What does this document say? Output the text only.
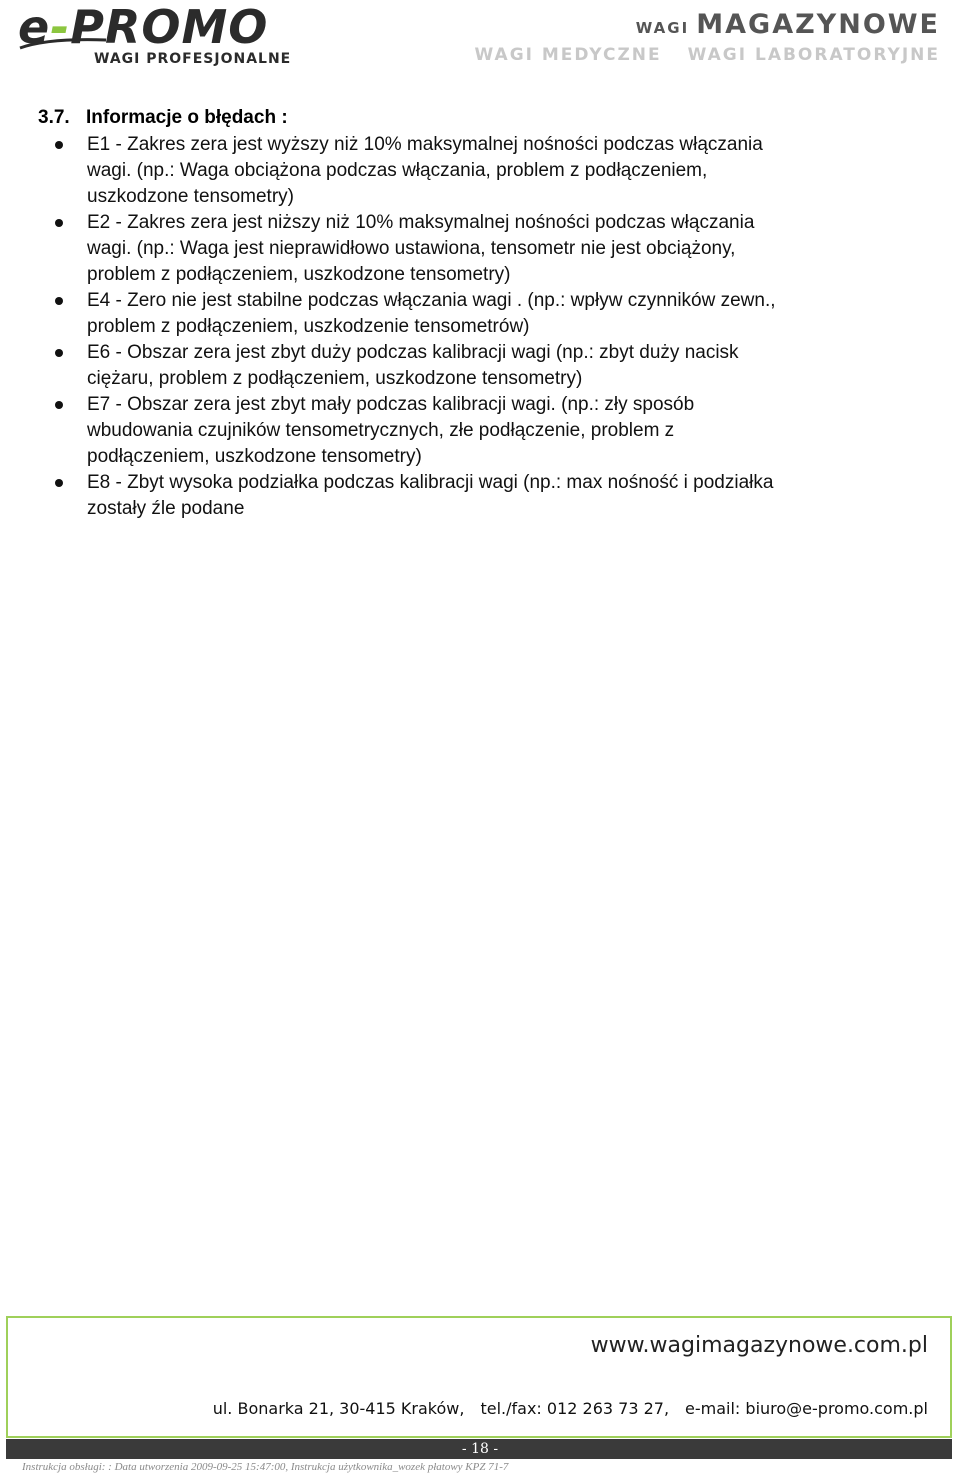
e-PROMO
WAGI PROFESJONALNE
WAGI MAGAZYNOWE
WAGI MEDYCZNE WAGI LABORATORYJNE
3.7. Informacje o błędach :
E1 - Zakres zera jest wyższy niż 10% maksymalnej nośności podczas włączania
wagi. (np.: Waga obciążona podczas włączania, problem z podłączeniem,
uszkodzone tensometry)
E2 - Zakres zera jest niższy niż 10% maksymalnej nośności podczas włączania
wagi. (np.: Waga jest nieprawidłowo ustawiona, tensometr nie jest obciążony,
problem z podłączeniem, uszkodzone tensometry)
E4 - Zero nie jest stabilne podczas włączania wagi . (np.: wpływ czynników zewn.,
problem z podłączeniem, uszkodzenie tensometrów)
E6 - Obszar zera jest zbyt duży podczas kalibracji wagi (np.: zbyt duży nacisk
ciężaru, problem z podłączeniem, uszkodzone tensometry)
E7 - Obszar zera jest zbyt mały podczas kalibracji wagi. (np.: zły sposób
wbudowania czujników tensometrycznych, złe podłączenie, problem z
podłączeniem, uszkodzone tensometry)
E8 - Zbyt wysoka podziałka podczas kalibracji wagi (np.: max nośność i podziałka
zostały źle podane
www.wagimagazynowe.com.pl
ul. Bonarka 21, 30-415 Kraków, tel./fax: 012 263 73 27, e-mail: biuro@e-promo.com.pl
- 18 -
Instrukcja obsługi: : Data utworzenia 2009-09-25 15:47:00, Instrukcja użytkownika_wozek płatowy KPZ 71-7
